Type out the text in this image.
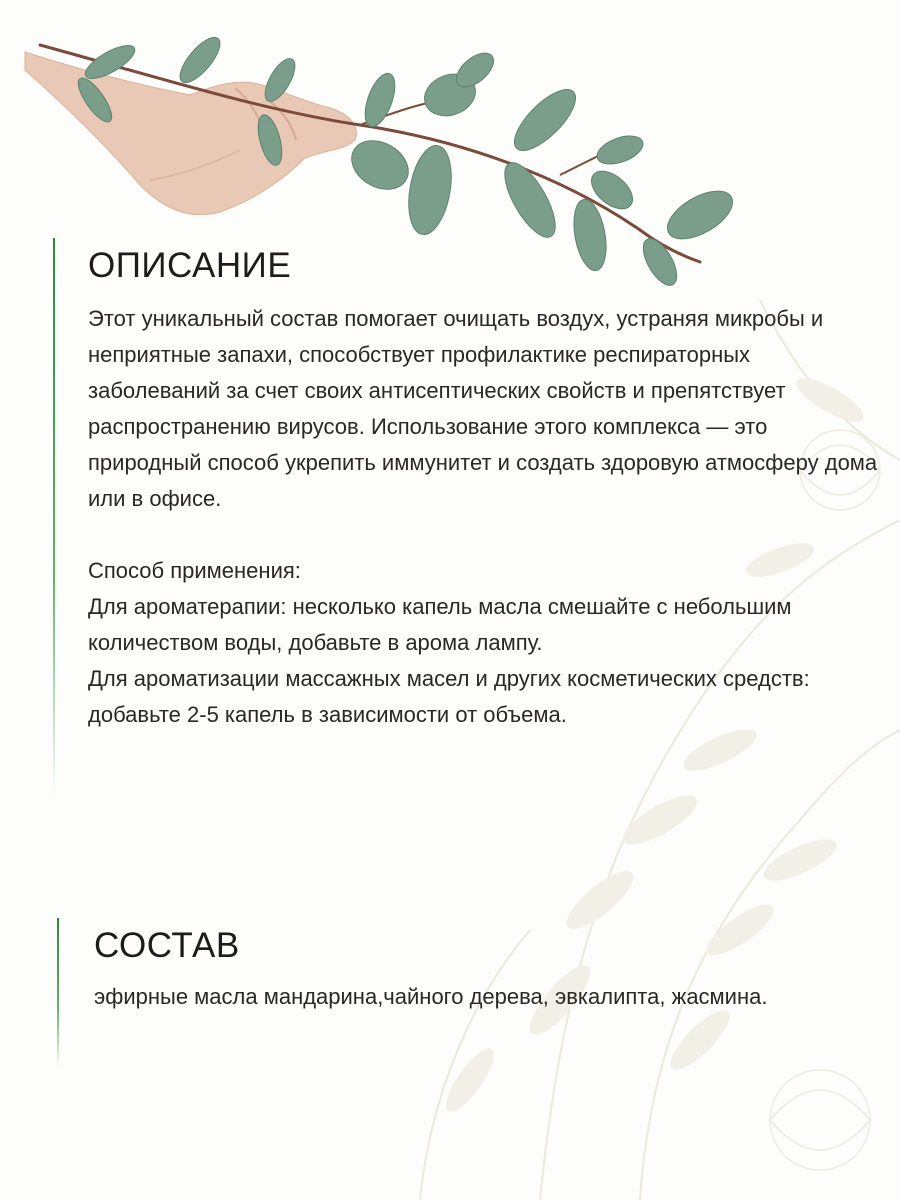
ОПИСАНИЕ

Этот уникальный состав помогает очищать воздух, устраняя микробы и неприятные запахи, способствует профилактике респираторных заболеваний за счет своих антисептических свойств и препятствует распространению вирусов. Использование этого комплекса — это природный способ укрепить иммунитет и создать здоровую атмосферу дома или в офисе.

Способ применения:

Для ароматерапии: несколько капель масла смешайте с небольшим количеством воды, добавьте в арома лампу.

Для ароматизации массажных масел и других косметических средств: добавьте 2-5 капель в зависимости от объема.

СОСТАВ

эфирные масла мандарина,чайного дерева, эвкалипта, жасмина.
